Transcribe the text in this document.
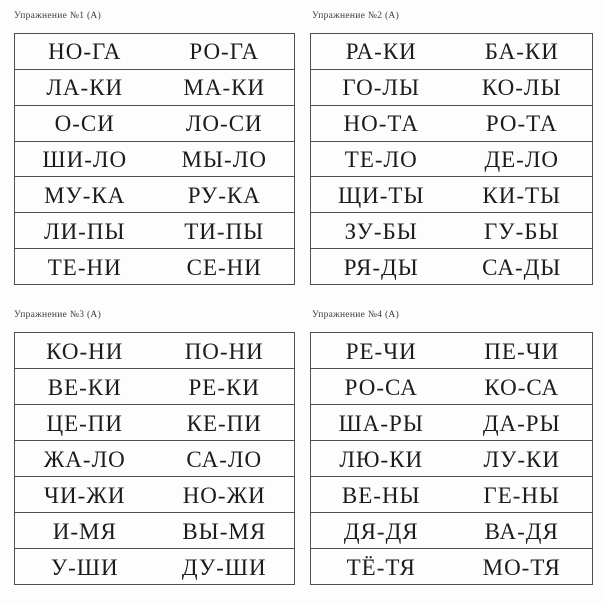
Упражнение №1 (А)
НО-ГА	РО-ГА
ЛА-КИ	МА-КИ
О-СИ	ЛО-СИ
ШИ-ЛО	МЫ-ЛО
МУ-КА	РУ-КА
ЛИ-ПЫ	ТИ-ПЫ
ТЕ-НИ	СЕ-НИ
Упражнение №2 (А)
РА-КИ	БА-КИ
ГО-ЛЫ	КО-ЛЫ
НО-ТА	РО-ТА
ТЕ-ЛО	ДЕ-ЛО
ЩИ-ТЫ	КИ-ТЫ
ЗУ-БЫ	ГУ-БЫ
РЯ-ДЫ	СА-ДЫ
Упражнение №3 (А)
КО-НИ	ПО-НИ
ВЕ-КИ	РЕ-КИ
ЦЕ-ПИ	КЕ-ПИ
ЖА-ЛО	СА-ЛО
ЧИ-ЖИ	НО-ЖИ
И-МЯ	ВЫ-МЯ
У-ШИ	ДУ-ШИ
Упражнение №4 (А)
РЕ-ЧИ	ПЕ-ЧИ
РО-СА	КО-СА
ША-РЫ	ДА-РЫ
ЛЮ-КИ	ЛУ-КИ
ВЕ-НЫ	ГЕ-НЫ
ДЯ-ДЯ	ВА-ДЯ
ТЁ-ТЯ	МО-ТЯ
